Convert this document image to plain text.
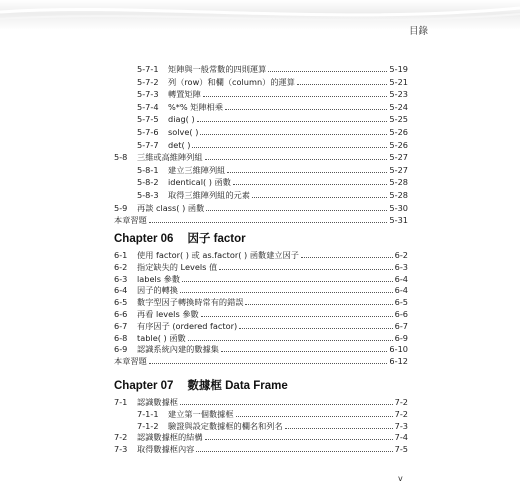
目錄
5-7-1 矩陣與一般常數的四則運算	5-19
5-7-2 列（row）和欄（column）的運算	5-21
5-7-3 轉置矩陣	5-23
5-7-4 %*% 矩陣相乘	5-24
5-7-5 diag( )	5-25
5-7-6 solve( )	5-26
5-7-7 det( )	5-26
5-8 三維或高維陣列組	5-27
5-8-1 建立三維陣列組	5-27
5-8-2 identical( ) 函數	5-28
5-8-3 取得三維陣列組的元素	5-28
5-9 再談 class( ) 函數	5-30
本章習題	5-31
Chapter 06 因子 factor
6-1 使用 factor( ) 或 as.factor( ) 函數建立因子	6-2
6-2 指定缺失的 Levels 值	6-3
6-3 labels 參數	6-4
6-4 因子的轉換	6-4
6-5 數字型因子轉換時常有的錯誤	6-5
6-6 再看 levels 參數	6-6
6-7 有序因子 (ordered factor)	6-7
6-8 table( ) 函數	6-9
6-9 認識系統內建的數據集	6-10
本章習題	6-12
Chapter 07 數據框 Data Frame
7-1 認識數據框	7-2
7-1-1 建立第一個數據框	7-2
7-1-2 驗證與設定數據框的欄名和列名	7-3
7-2 認識數據框的結構	7-4
7-3 取得數據框內容	7-5
v
